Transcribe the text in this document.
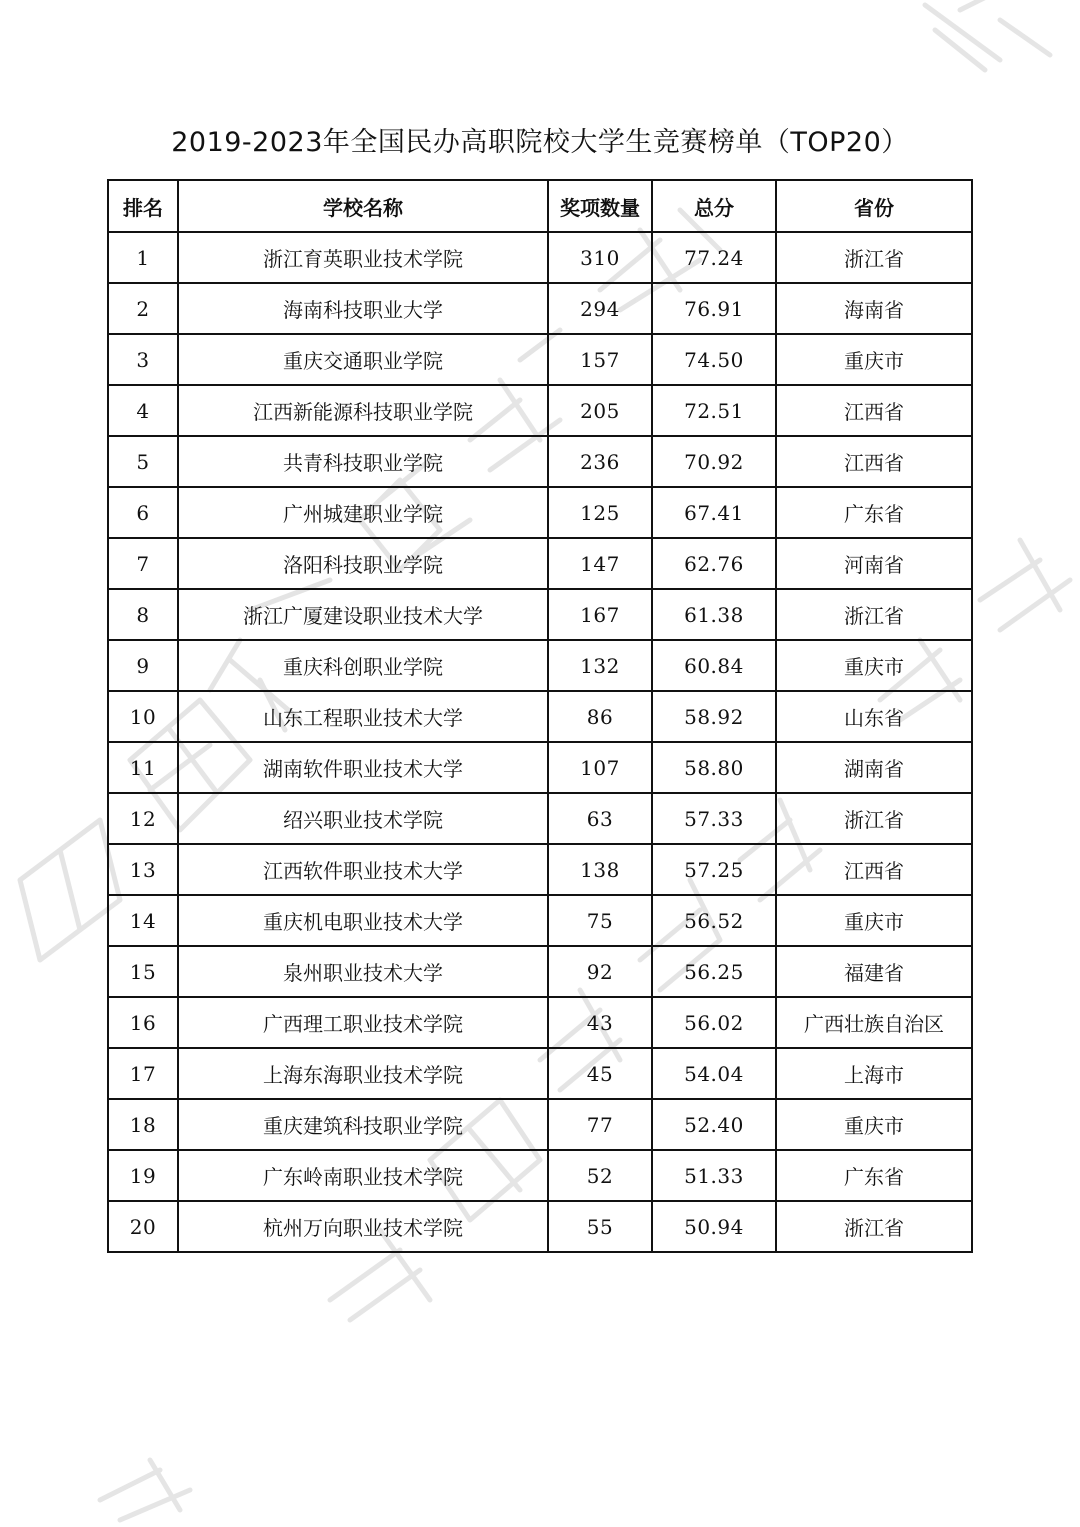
2019-2023年全国民办高职院校大学生竞赛榜单（TOP20）
排名	学校名称	奖项数量	总分	省份
1	浙江育英职业技术学院	310	77.24	浙江省
2	海南科技职业大学	294	76.91	海南省
3	重庆交通职业学院	157	74.50	重庆市
4	江西新能源科技职业学院	205	72.51	江西省
5	共青科技职业学院	236	70.92	江西省
6	广州城建职业学院	125	67.41	广东省
7	洛阳科技职业学院	147	62.76	河南省
8	浙江广厦建设职业技术大学	167	61.38	浙江省
9	重庆科创职业学院	132	60.84	重庆市
10	山东工程职业技术大学	86	58.92	山东省
11	湖南软件职业技术大学	107	58.80	湖南省
12	绍兴职业技术学院	63	57.33	浙江省
13	江西软件职业技术大学	138	57.25	江西省
14	重庆机电职业技术大学	75	56.52	重庆市
15	泉州职业技术大学	92	56.25	福建省
16	广西理工职业技术学院	43	56.02	广西壮族自治区
17	上海东海职业技术学院	45	54.04	上海市
18	重庆建筑科技职业学院	77	52.40	重庆市
19	广东岭南职业技术学院	52	51.33	广东省
20	杭州万向职业技术学院	55	50.94	浙江省
